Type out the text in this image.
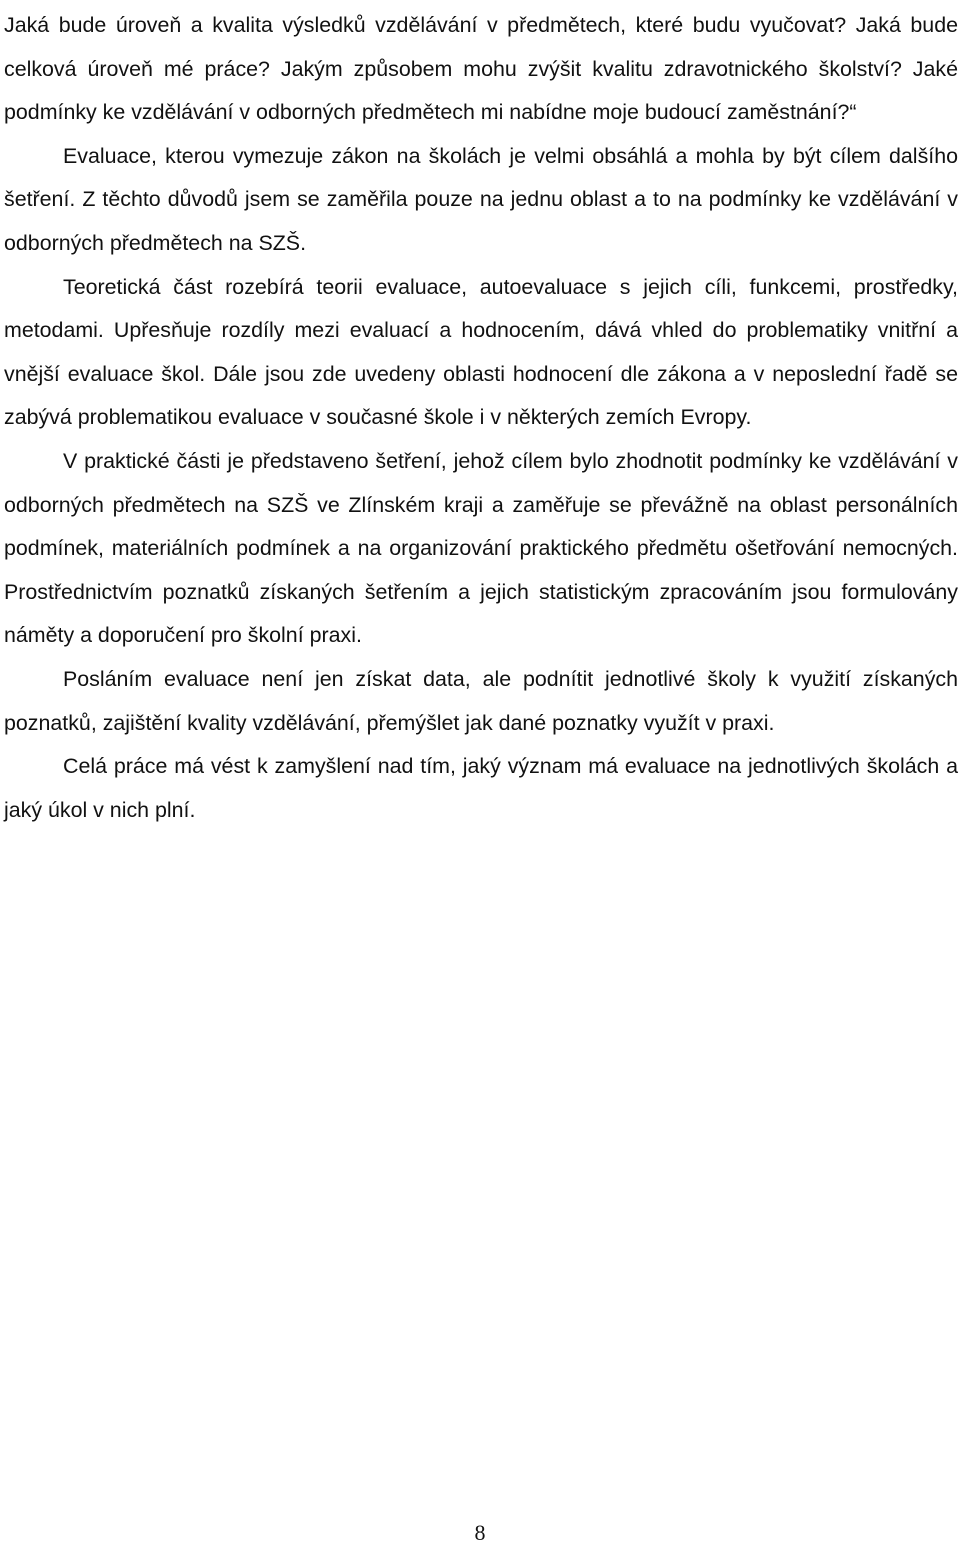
Jaká bude úroveň a kvalita výsledků vzdělávání v předmětech, které budu vyučovat? Jaká bude celková úroveň mé práce? Jakým způsobem mohu zvýšit kvalitu zdravotnického školství? Jaké podmínky ke vzdělávání v odborných předmětech mi nabídne moje budoucí zaměstnání?“

Evaluace, kterou vymezuje zákon na školách je velmi obsáhlá a mohla by být cílem dalšího šetření. Z těchto důvodů jsem se zaměřila pouze na jednu oblast a to na podmínky ke vzdělávání v odborných předmětech na SZŠ.

Teoretická část rozebírá teorii evaluace, autoevaluace s jejich cíli, funkcemi, prostředky, metodami. Upřesňuje rozdíly mezi evaluací a hodnocením, dává vhled do problematiky vnitřní a vnější evaluace škol. Dále jsou zde uvedeny oblasti hodnocení dle zákona a v neposlední řadě se zabývá problematikou evaluace v současné škole i v některých zemích Evropy.

V praktické části je představeno šetření, jehož cílem bylo zhodnotit podmínky ke vzdělávání v odborných předmětech na SZŠ ve Zlínském kraji a zaměřuje se převážně na oblast personálních podmínek, materiálních podmínek a na organizování praktického předmětu ošetřování nemocných. Prostřednictvím poznatků získaných šetřením a jejich statistickým zpracováním jsou formulovány náměty a doporučení pro školní praxi.

Posláním evaluace není jen získat data, ale podnítit jednotlivé školy k využití získaných poznatků, zajištění kvality vzdělávání, přemýšlet jak dané poznatky využít v praxi.

Celá práce má vést k zamyšlení nad tím, jaký význam má evaluace na jednotlivých školách a jaký úkol v nich plní.

8
